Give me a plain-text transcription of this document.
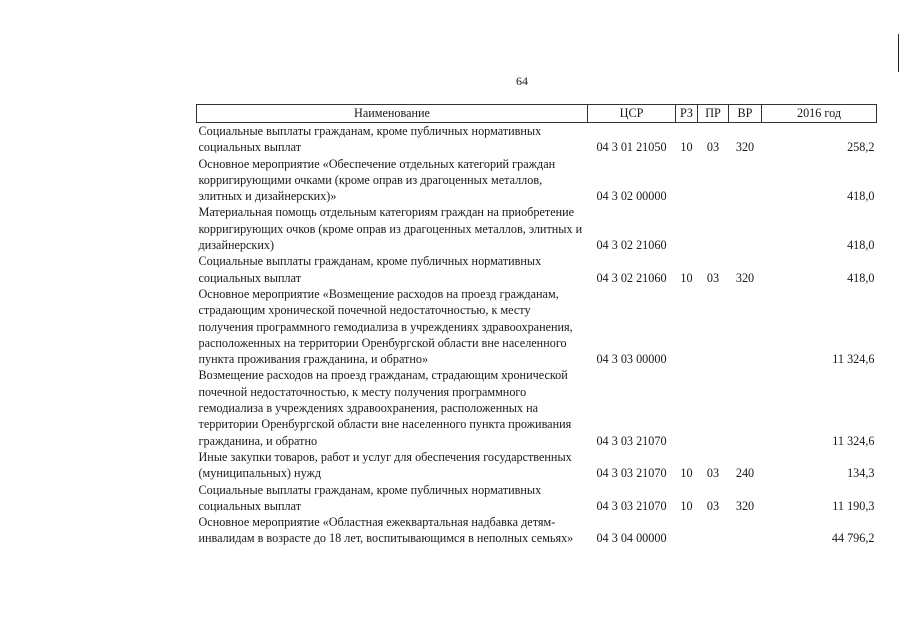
64
Наименование	ЦСР	РЗ	ПР	ВР	2016 год
Социальные выплаты гражданам, кроме публичных нормативных социальных выплат	04 3 01 21050	10	03	320	258,2
Основное мероприятие «Обеспечение отдельных категорий граждан корригирующими очками (кроме оправ из драгоценных металлов, элитных и дизайнерских)»	04 3 02 00000				418,0
Материальная помощь отдельным категориям граждан на приобретение корригирующих очков (кроме оправ из драгоценных металлов, элитных и дизайнерских)	04 3 02 21060				418,0
Социальные выплаты гражданам, кроме публичных нормативных социальных выплат	04 3 02 21060	10	03	320	418,0
Основное мероприятие «Возмещение расходов на проезд гражданам, страдающим хронической почечной недостаточностью, к месту получения программного гемодиализа в учреждениях здравоохранения, расположенных на территории Оренбургской области вне населенного пункта проживания гражданина, и обратно»	04 3 03 00000				11 324,6
Возмещение расходов на проезд гражданам, страдающим хронической почечной недостаточностью, к месту получения программного гемодиализа в учреждениях здравоохранения, расположенных на территории Оренбургской области вне населенного пункта проживания гражданина, и обратно	04 3 03 21070				11 324,6
Иные закупки товаров, работ и услуг для обеспечения государственных (муниципальных) нужд	04 3 03 21070	10	03	240	134,3
Социальные выплаты гражданам, кроме публичных нормативных социальных выплат	04 3 03 21070	10	03	320	11 190,3
Основное мероприятие «Областная ежеквартальная надбавка детям-инвалидам в возрасте до 18 лет, воспитывающимся в неполных семьях»	04 3 04 00000				44 796,2
